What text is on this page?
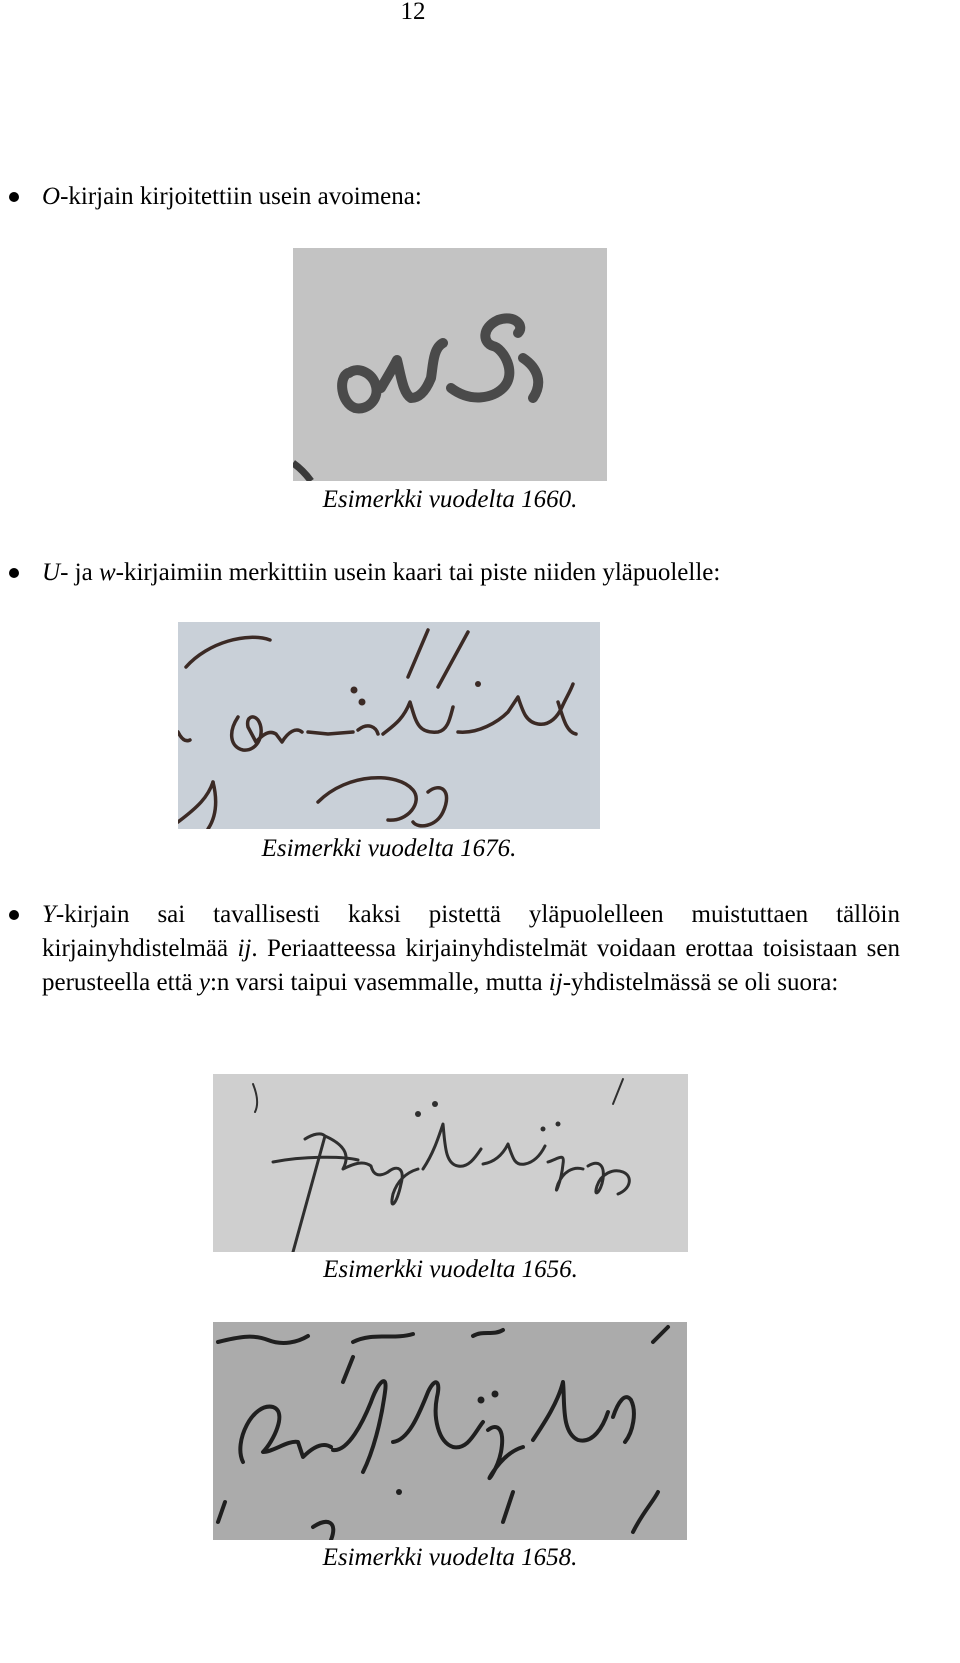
12

O-kirjain kirjoitettiin usein avoimena:

Esimerkki vuodelta 1660.

U- ja w-kirjaimiin merkittiin usein kaari tai piste niiden yläpuolelle:

Esimerkki vuodelta 1676.

Y-kirjain sai tavallisesti kaksi pistettä yläpuolelleen muistuttaen tällöin kirjainyhdistelmää ij. Periaatteessa kirjainyhdistelmät voidaan erottaa toisistaan sen perusteella että y:n varsi taipui vasemmalle, mutta ij-yhdistelmässä se oli suora:

Esimerkki vuodelta 1656.
Esimerkki vuodelta 1658.
